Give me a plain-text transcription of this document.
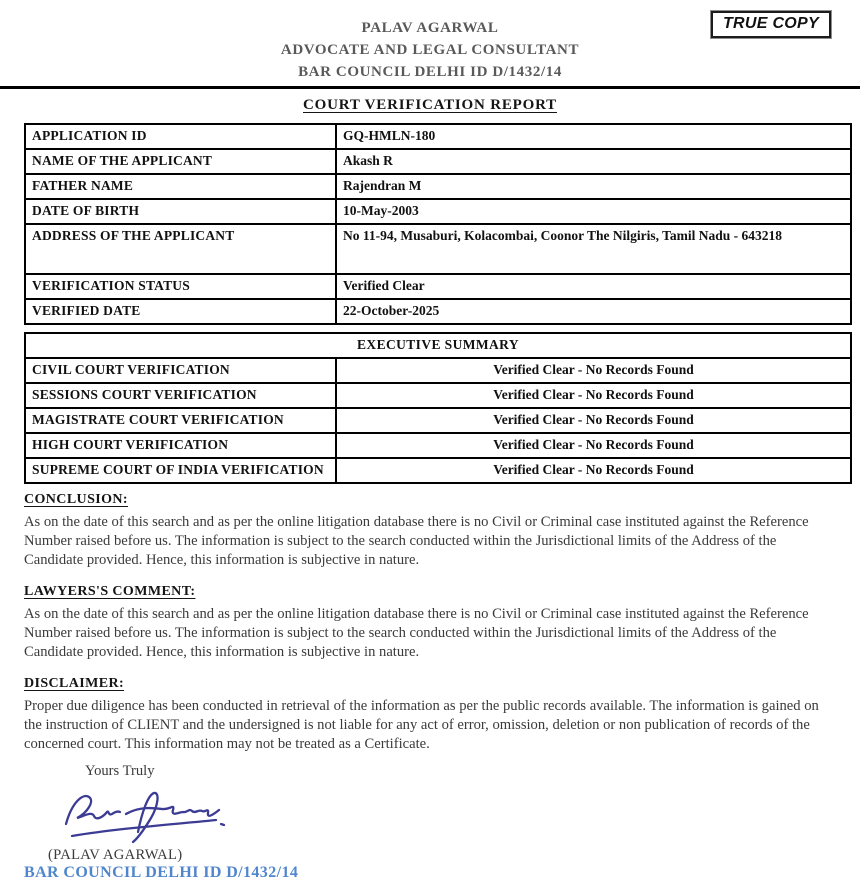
TRUE COPY
PALAV AGARWAL
ADVOCATE AND LEGAL CONSULTANT
BAR COUNCIL DELHI ID D/1432/14
COURT VERIFICATION REPORT
APPLICATION ID	GQ-HMLN-180
NAME OF THE APPLICANT	Akash R
FATHER NAME	Rajendran M
DATE OF BIRTH	10-May-2003
ADDRESS OF THE APPLICANT	No 11-94, Musaburi, Kolacombai, Coonor The Nilgiris, Tamil Nadu - 643218
VERIFICATION STATUS	Verified Clear
VERIFIED DATE	22-October-2025
EXECUTIVE SUMMARY	
CIVIL COURT VERIFICATION	Verified Clear - No Records Found
SESSIONS COURT VERIFICATION	Verified Clear - No Records Found
MAGISTRATE COURT VERIFICATION	Verified Clear - No Records Found
HIGH COURT VERIFICATION	Verified Clear - No Records Found
SUPREME COURT OF INDIA VERIFICATION	Verified Clear - No Records Found
CONCLUSION:
As on the date of this search and as per the online litigation database there is no Civil or Criminal case instituted against the Reference Number raised before us. The information is subject to the search conducted within the Jurisdictional limits of the Address of the Candidate provided. Hence, this information is subjective in nature.
LAWYERS'S COMMENT:
As on the date of this search and as per the online litigation database there is no Civil or Criminal case instituted against the Reference Number raised before us. The information is subject to the search conducted within the Jurisdictional limits of the Address of the Candidate provided. Hence, this information is subjective in nature.
DISCLAIMER:
Proper due diligence has been conducted in retrieval of the information as per the public records available. The information is gained on the instruction of CLIENT and the undersigned is not liable for any act of error, omission, deletion or non publication of records of the concerned court. This information may not be treated as a Certificate.
Yours Truly
(PALAV AGARWAL)
BAR COUNCIL DELHI ID D/1432/14
